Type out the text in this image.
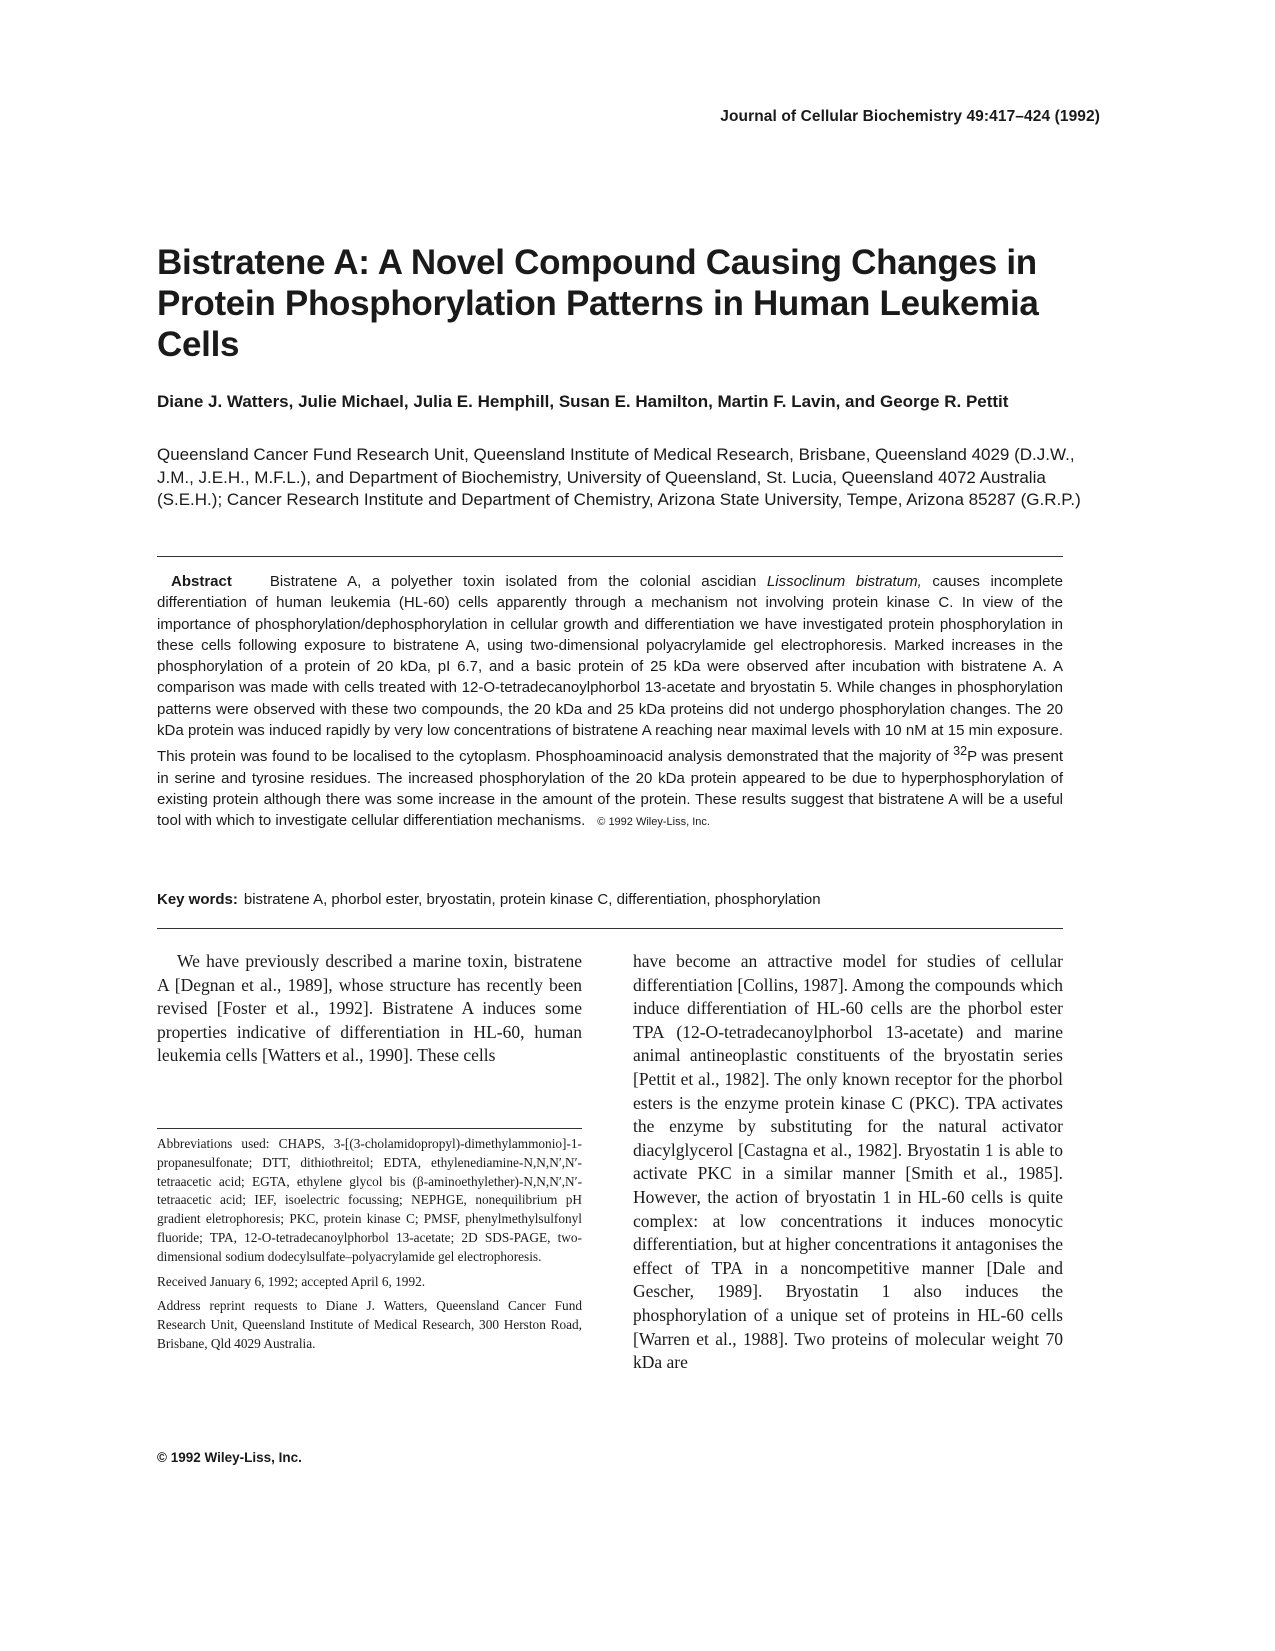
Journal of Cellular Biochemistry 49:417–424 (1992)
Bistratene A: A Novel Compound Causing Changes in Protein Phosphorylation Patterns in Human Leukemia Cells
Diane J. Watters, Julie Michael, Julia E. Hemphill, Susan E. Hamilton, Martin F. Lavin, and George R. Pettit
Queensland Cancer Fund Research Unit, Queensland Institute of Medical Research, Brisbane, Queensland 4029 (D.J.W., J.M., J.E.H., M.F.L.), and Department of Biochemistry, University of Queensland, St. Lucia, Queensland 4072 Australia (S.E.H.); Cancer Research Institute and Department of Chemistry, Arizona State University, Tempe, Arizona 85287 (G.R.P.)
Abstract	Bistratene A, a polyether toxin isolated from the colonial ascidian Lissoclinum bistratum, causes incomplete differentiation of human leukemia (HL-60) cells apparently through a mechanism not involving protein kinase C. In view of the importance of phosphorylation/dephosphorylation in cellular growth and differentiation we have investigated protein phosphorylation in these cells following exposure to bistratene A, using two-dimensional polyacrylamide gel electrophoresis. Marked increases in the phosphorylation of a protein of 20 kDa, pI 6.7, and a basic protein of 25 kDa were observed after incubation with bistratene A. A comparison was made with cells treated with 12-O-tetradecanoylphorbol 13-acetate and bryostatin 5. While changes in phosphorylation patterns were observed with these two compounds, the 20 kDa and 25 kDa proteins did not undergo phosphorylation changes. The 20 kDa protein was induced rapidly by very low concentrations of bistratene A reaching near maximal levels with 10 nM at 15 min exposure. This protein was found to be localised to the cytoplasm. Phosphoaminoacid analysis demonstrated that the majority of $^{32}$P was present in serine and tyrosine residues. The increased phosphorylation of the 20 kDa protein appeared to be due to hyperphosphorylation of existing protein although there was some increase in the amount of the protein. These results suggest that bistratene A will be a useful tool with which to investigate cellular differentiation mechanisms. © 1992 Wiley-Liss, Inc.
Key words: bistratene A, phorbol ester, bryostatin, protein kinase C, differentiation, phosphorylation

We have previously described a marine toxin, bistratene A [Degnan et al., 1989], whose structure has recently been revised [Foster et al., 1992]. Bistratene A induces some properties indicative of differentiation in HL-60, human leukemia cells [Watters et al., 1990]. These cells

have become an attractive model for studies of cellular differentiation [Collins, 1987]. Among the compounds which induce differentiation of HL-60 cells are the phorbol ester TPA (12-O-tetradecanoylphorbol 13-acetate) and marine animal antineoplastic constituents of the bryostatin series [Pettit et al., 1982]. The only known receptor for the phorbol esters is the enzyme protein kinase C (PKC). TPA activates the enzyme by substituting for the natural activator diacylglycerol [Castagna et al., 1982]. Bryostatin 1 is able to activate PKC in a similar manner [Smith et al., 1985]. However, the action of bryostatin 1 in HL-60 cells is quite complex: at low concentrations it induces monocytic differentiation, but at higher concentrations it antagonises the effect of TPA in a noncompetitive manner [Dale and Gescher, 1989]. Bryostatin 1 also induces the phosphorylation of a unique set of proteins in HL-60 cells [Warren et al., 1988]. Two proteins of molecular weight 70 kDa are

Abbreviations used: CHAPS, 3-[(3-cholamidopropyl)-dimethylammonio]-1-propanesulfonate; DTT, dithiothreitol; EDTA, ethylenediamine-N,N,N′,N′-tetraacetic acid; EGTA, ethylene glycol bis (β-aminoethylether)-N,N,N′,N′-tetraacetic acid; IEF, isoelectric focussing; NEPHGE, nonequilibrium pH gradient eletrophoresis; PKC, protein kinase C; PMSF, phenylmethylsulfonyl fluoride; TPA, 12-O-tetradecanoylphorbol 13-acetate; 2D SDS-PAGE, two-dimensional sodium dodecylsulfate–polyacrylamide gel electrophoresis.

Received January 6, 1992; accepted April 6, 1992.

Address reprint requests to Diane J. Watters, Queensland Cancer Fund Research Unit, Queensland Institute of Medical Research, 300 Herston Road, Brisbane, Qld 4029 Australia.

© 1992 Wiley-Liss, Inc.
